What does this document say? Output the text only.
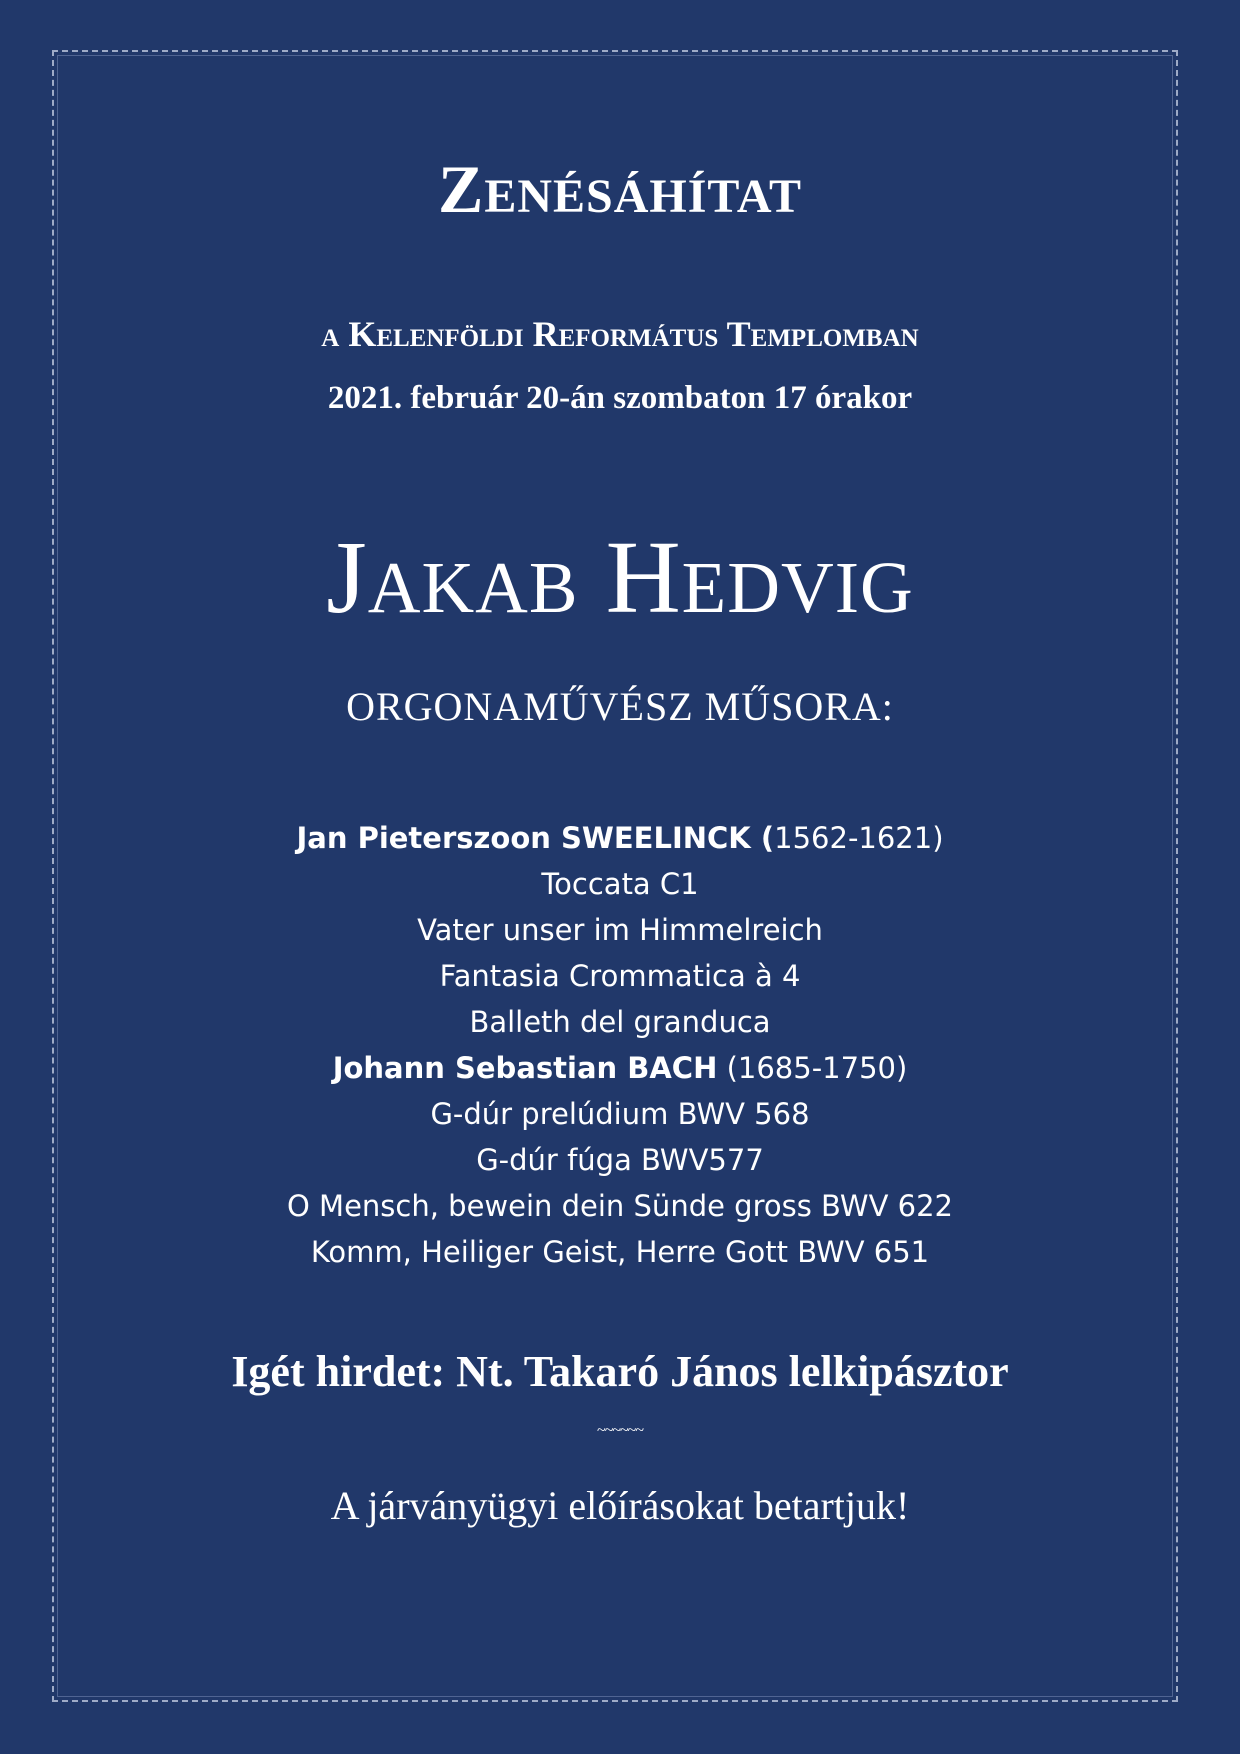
Zenésáhítat
a Kelenföldi Református Templomban
2021. február 20-án szombaton 17 órakor
Jakab Hedvig
ORGONAMŰVÉSZ MŰSORA:
Jan Pieterszoon SWEELINCK (1562-1621)
Toccata C1
Vater unser im Himmelreich
Fantasia Crommatica à 4
Balleth del granduca
Johann Sebastian BACH (1685-1750)
G-dúr prelúdium BWV 568
G-dúr fúga BWV577
O Mensch, bewein dein Sünde gross BWV 622
Komm, Heiliger Geist, Herre Gott BWV 651
Igét hirdet: Nt. Takaró János lelkipásztor
~~~~~~
A járványügyi előírásokat betartjuk!
